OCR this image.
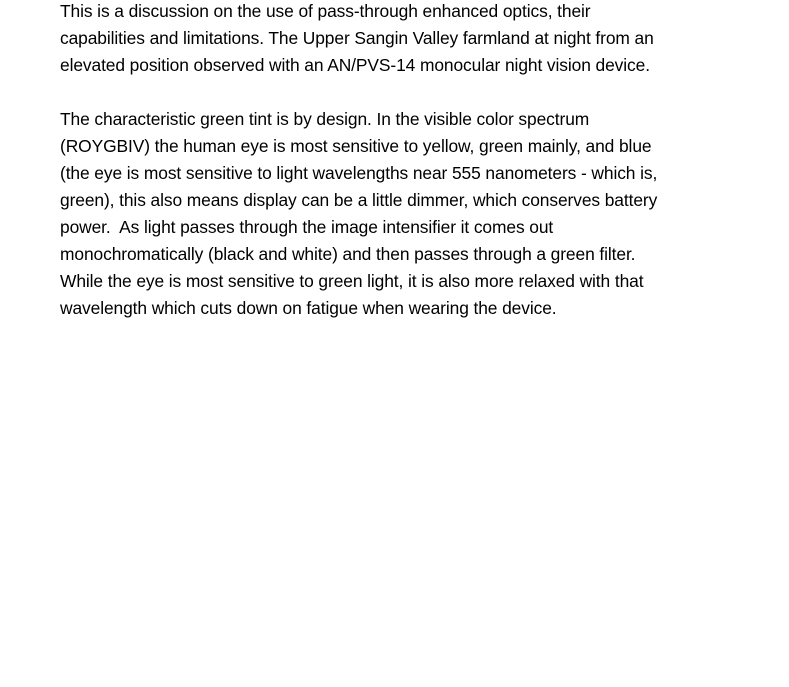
This is a discussion on the use of pass-through enhanced optics, their

capabilities and limitations. The Upper Sangin Valley farmland at night from an

elevated position observed with an AN/PVS-14 monocular night vision device.

The characteristic green tint is by design. In the visible color spectrum

(ROYGBIV) the human eye is most sensitive to yellow, green mainly, and blue

(the eye is most sensitive to light wavelengths near 555 nanometers - which is,

green), this also means display can be a little dimmer, which conserves battery

power.  As light passes through the image intensifier it comes out

monochromatically (black and white) and then passes through a green filter.

While the eye is most sensitive to green light, it is also more relaxed with that

wavelength which cuts down on fatigue when wearing the device.
